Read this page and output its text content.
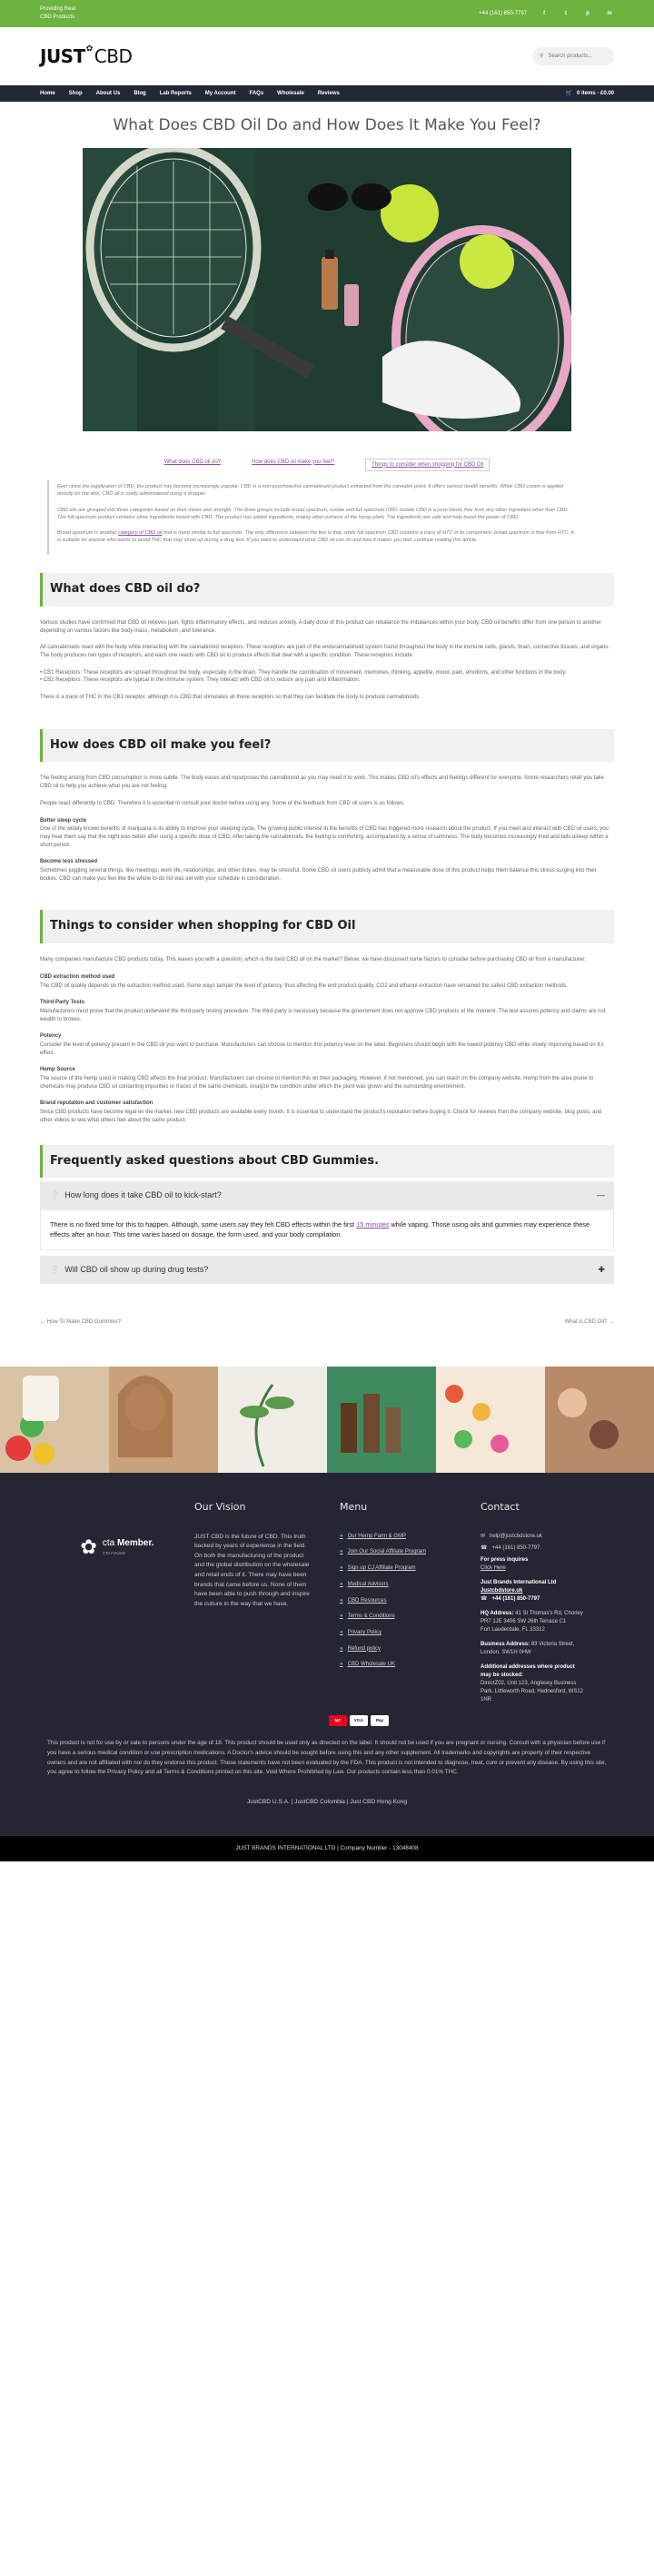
Providing Real
CBD Products
+44 (161) 850-7797	f	t	p	in
JUST ✿ CBD	⚲ Search products...
Home	Shop	About Us	Blog	Lab Reports	My Account	FAQs	Wholesale	Reviews	🛒 0 items - £0.00
What Does CBD Oil Do and How Does It Make You Feel?
What does CBD oil do?	How does CBD oil make you feel?	Things to consider when shopping for CBD Oil

Ever since the legalization of CBD, the product has become increasingly popular. CBD is a non-psychoactive cannabinoid product extracted from the cannabis plant. It offers various health benefits. While CBD cream is applied directly on the skin, CBD oil is orally administered using a dropper.

CBD oils are grouped into three categories based on their mixes and strength. The three groups include broad spectrum, isolate and full spectrum CBD. Isolate CBD is a pure blend, free from any other ingredient other than CBD. The full-spectrum product contains other ingredients mixed with CBD. The product has added ingredients, mainly other extracts of the hemp plant. The ingredients are safe and help boost the power of CBD.

Broad spectrum is another category of CBD oil that is more similar to full spectrum. The only difference between the two is that, while full spectrum CBD contains a trace of HTC in its component, broad spectrum is free from HTC. It is suitable for anyone who wants to avoid THC that may show up during a drug test. If you want to understand what CBD oil can do and how it makes you feel, continue reading this article.

What does CBD oil do?

Various studies have confirmed that CBD oil relieves pain, fights inflammatory effects, and reduces anxiety. A daily dose of this product can rebalance the imbalances within your body. CBD oil benefits differ from one person to another depending on various factors like body mass, metabolism, and tolerance.

All cannabinoids react with the body while interacting with the cannabinoid receptors. These receptors are part of the endocannabinoid system found throughout the body in the immune cells, glands, brain, connective tissues, and organs. The body produces two types of receptors, and each one reacts with CBD oil to produce effects that deal with a specific condition. These receptors include:

• CB1 Receptors: These receptors are spread throughout the body, especially in the brain. They handle the coordination of movement, memories, thinking, appetite, mood, pain, emotions, and other functions in the body.
• CB2 Receptors: These receptors are typical in the immune system. They interact with CBD oil to reduce any pain and inflammation.

There is a trace of THC in the CB1 receptor, although it is CBD that stimulates all these receptors so that they can facilitate the body to produce cannabinoids.

How does CBD oil make you feel?

The feeling arising from CBD consumption is more subtle. The body eases and repurposes the cannabinoid as you may need it to work. This makes CBD oil's effects and feelings different for everyone. Some researchers retell you take CBD oil to help you achieve what you are not feeling.

People react differently to CBD. Therefore it is essential to consult your doctor before using any. Some of the feedback from CBD oil users is as follows:

Better sleep cycle

One of the widely known benefits of marijuana is its ability to improve your sleeping cycle. The growing public interest in the benefits of CBD has triggered more research about the product. If you meet and interact with CBD oil users, you may hear them say that the night was better after using a specific dose of CBD. After taking the cannabinoids, the feeling is comforting, accompanied by a sense of calmness. The body becomes increasingly tired and falls asleep within a short period.

Become less stressed

Sometimes juggling several things, like meetings, work life, relationships, and other duties, may be stressful. Some CBD oil users publicly admit that a measurable dose of this product helps them balance this stress surging into their bodies. CBD can make you feel like the whole to-do list was set with your schedule in consideration.

Things to consider when shopping for CBD Oil

Many companies manufacture CBD products today. This leaves you with a question; which is the best CBD oil on the market? Below, we have discussed some factors to consider before purchasing CBD oil from a manufacturer:

CBD extraction method used

The CBD oil quality depends on the extraction method used. Some ways tamper the level of potency, thus affecting the end product quality. CO2 and ethanol extraction have remained the safest CBD extraction methods.

Third-Party Tests

Manufacturers must prove that the product underwent the third-party testing procedure. The third-party is necessary because the government does not approve CBD products at the moment. The test assures potency and claims are not wealth to brokes.

Potency

Consider the level of potency present in the CBD oil you want to purchase. Manufacturers can choose to mention this potency level on the label. Beginners should begin with the lowest potency CBD while slowly improving based on it's effect.

Hemp Source

The source of the hemp used in making CBD affects the final product. Manufacturers can choose to mention this on their packaging. However, if not mentioned, you can reach on the company website. Hemp from the area prone to chemicals may produce CBD oil containing impurities or traces of the same chemicals. Analyze the condition under which the plant was grown and the surrounding environment.

Brand reputation and customer satisfaction

Since CBD products have become legal on the market, new CBD products are available every month. It is essential to understand the product's reputation before buying it. Check for reviews from the company website, blog posts, and other videos to see what others feel about the same product.

Frequently asked questions about CBD Gummies.
❔ How long does it take CBD oil to kick-start?	—
There is no fixed time for this to happen. Although, some users say they felt CBD effects within the first 15 minutes while vaping. Those using oils and gummies may experience these effects after an hour. This time varies based on dosage, the form used, and your body compilation.
❔ Will CBD oil show up during drug tests?	✚
← How To Make CBD Gummies?	What is CBD Oil? →
✿ cta Member.
CTA FOUND
Our Vision

JUST CBD is the future of CBD. This truth backed by years of experience in the field. On both the manufacturing of the product and the global distribution on the wholesale and retail ends of it. There may have been brands that came before us. None of them have been able to push through and inspire the culture in the way that we have.

Menu
● Our Hemp Farm & GMP
● Join Our Social Affiliate Program
● Sign up CJ Affiliate Program
● Medical Advisors
● CBD Resources
● Terms & Conditions
● Privacy Policy
● Refund policy
● CBD Wholesale UK
Contact
✉ help@justcbdstore.uk
☎ +44 (161) 850-7797
For press inquires
Click Here
Just Brands International Ltd
Justcbdstore.uk
☎ +44 (161) 850-7797
HQ Address: 41 St Thomas's Rd, Chorley PR7 1JE 3406 SW 26th Terrace C1
Fort Lauderdale, FL 33312
Business Address: 83 Victoria Street, London, SW1H 0HW
Additional addresses where product may be stocked:
DirectZ02, Unit 123, Anglesey Business Park, Littleworth Road, Hednesford, WS12 1NR
MC	VISA	Pay

This product is not for use by or sale to persons under the age of 18. This product should be used only as directed on the label. It should not be used if you are pregnant or nursing. Consult with a physician before use if you have a serious medical condition or use prescription medications. A Doctor's advice should be sought before using this and any other supplement. All trademarks and copyrights are property of their respective owners and are not affiliated with nor do they endorse this product. These statements have not been evaluated by the FDA. This product is not intended to diagnose, treat, cure or prevent any disease. By using this site, you agree to follow the Privacy Policy and all Terms & Conditions printed on this site. Void Where Prohibited by Law. Our products contain less than 0.01% THC.

JustCBD U.S.A. | JustCBD Colombia | Just CBD Hong Kong
JUST BRANDS INTERNATIONAL LTD | Company Number - 13048408
